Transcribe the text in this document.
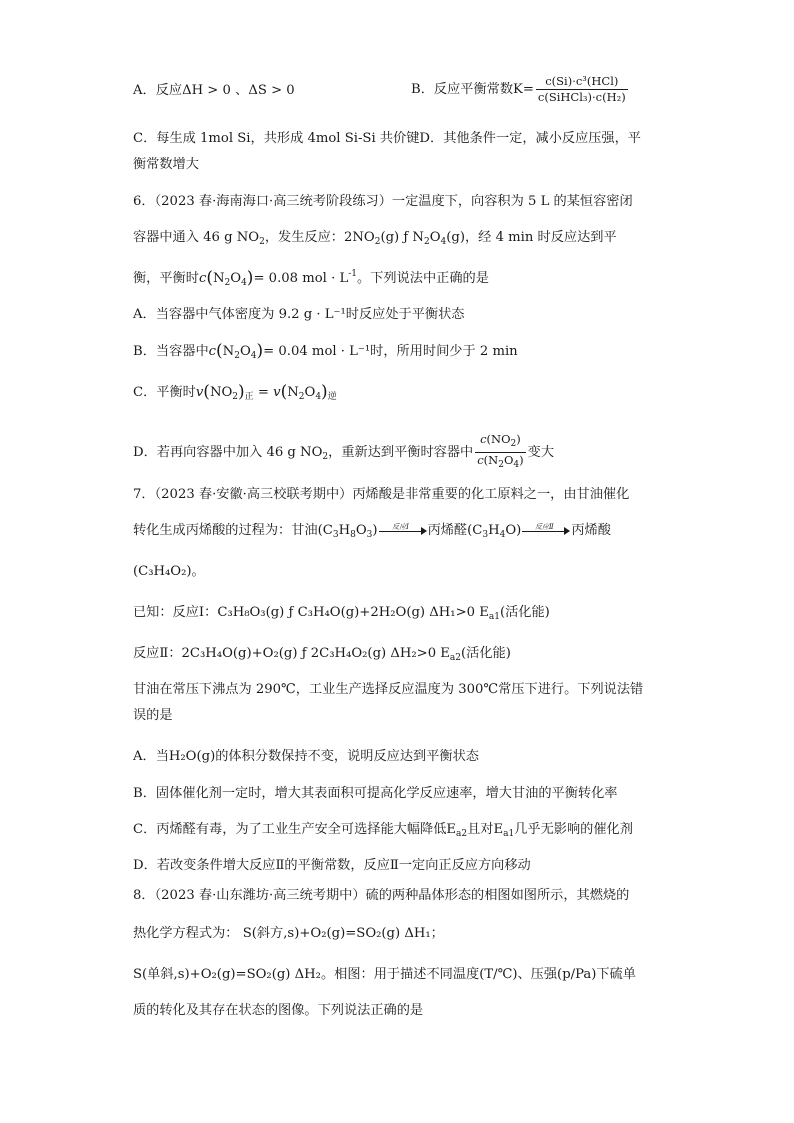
A．反应ΔH > 0 、ΔS > 0	B．反应平衡常数$K= \frac{\text{c(Si)·c³(HCl)}}{\text{c(SiHCl₃)·c(H₂)}}$
C．每生成 1mol Si，共形成 4mol Si-Si 共价键D．其他条件一定，减小反应压强，平
衡常数增大
6．（2023 春·海南海口·高三统考阶段练习）一定温度下，向容积为 5 L 的某恒容密闭
容器中通入 46 g $NO_2$，发生反应：$2NO_2(g)$ ƒ $N_2O_4(g)$，经 4 min 时反应达到平
衡，平衡时$c(N_2O_4)= 0.08$ mol · $L^{-1}$。下列说法中正确的是
A．当容器中气体密度为 9.2 g · L⁻¹时反应处于平衡状态
B．当容器中$c(N_2O_4)= 0.04$ mol · L⁻¹时，所用时间少于 2 min
C．平衡时$v(NO_2)_正 = v(N_2O_4)_逆$
D．若再向容器中加入 46 g $NO_2$，重新达到平衡时容器中 $\frac{c(NO_2)}{c(N_2O_4)}$ 变大
7．（2023 春·安徽·高三校联考期中）丙烯酸是非常重要的化工原料之一，由甘油催化
转化生成丙烯酸的过程为：甘油$(C_3H_8O_3)$	反应Ⅰ	丙烯醛$(C_3H_4O)$	反应Ⅱ	丙烯酸
(C₃H₄O₂)。
已知：反应Ⅰ：C₃H₈O₃(g) ƒ C₃H₄O(g)+2H₂O(g) ΔH₁>0 $E_{a1}$(活化能)
反应Ⅱ：2C₃H₄O(g)+O₂(g) ƒ 2C₃H₄O₂(g) ΔH₂>0 $E_{a2}$(活化能)
甘油在常压下沸点为 290℃，工业生产选择反应温度为 300℃常压下进行。下列说法错
误的是
A．当H₂O(g)的体积分数保持不变，说明反应达到平衡状态
B．固体催化剂一定时，增大其表面积可提高化学反应速率，增大甘油的平衡转化率
C．丙烯醛有毒，为了工业生产安全可选择能大幅降低$E_{a2}$且对$E_{a1}$几乎无影响的催化剂
D．若改变条件增大反应Ⅱ的平衡常数，反应Ⅱ一定向正反应方向移动
8．（2023 春·山东潍坊·高三统考期中）硫的两种晶体形态的相图如图所示，其燃烧的
热化学方程式为： S(斜方,s)+O₂(g)=SO₂(g) ΔH₁；
S(单斜,s)+O₂(g)=SO₂(g) ΔH₂。相图：用于描述不同温度(T/℃)、压强(p/Pa)下硫单
质的转化及其存在状态的图像。下列说法正确的是
